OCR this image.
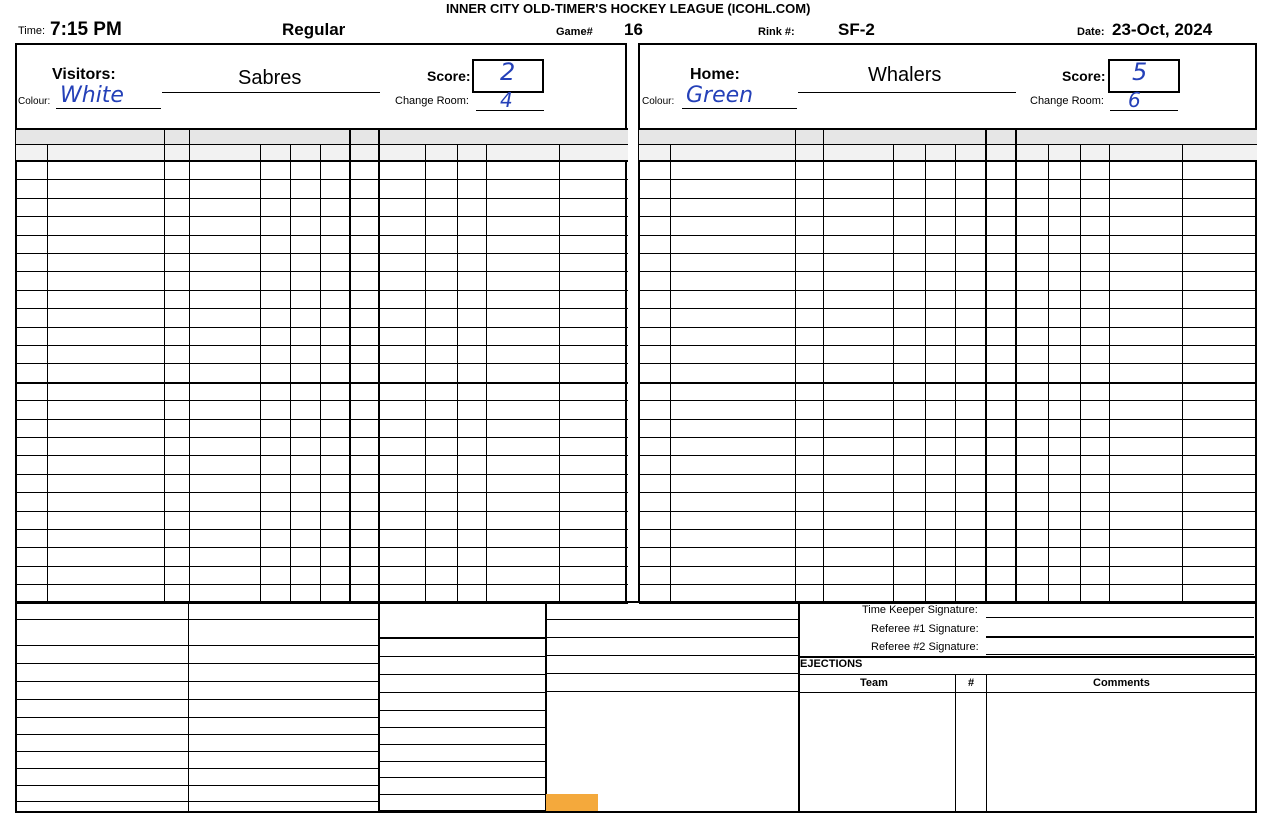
INNER CITY OLD-TIMER'S HOCKEY LEAGUE (ICOHL.COM)
Time: 7:15 PM	Regular	Game# 16	Rink #:	SF-2	Date: 23-Oct, 2024
Visitors:	Sabres	Score: 2
Colour: White	Change Room: 4
Home:	Whalers	Score: 5
Colour: Green	Change Room: 6
Time Keeper Signature:
Referee #1 Signature:
Referee #2 Signature:
EJECTIONS
Team	#	Comments
